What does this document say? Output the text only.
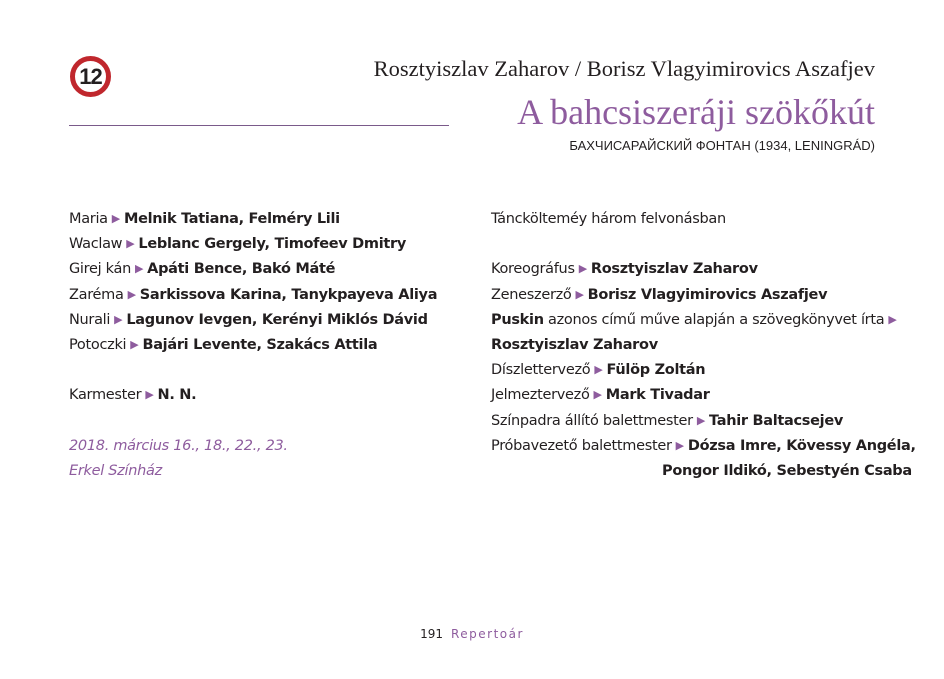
12	Rosztyiszlav Zaharov / Borisz Vlagyimirovics Aszafjev
A bahcsiszeráji szökőkút
БАХЧИСАРАЙСКИЙ ФОНТАН (1934, LENINGRÁD)
Maria ▶ Melnik Tatiana, Felméry Lili
Waclaw ▶ Leblanc Gergely, Timofeev Dmitry
Girej kán ▶ Apáti Bence, Bakó Máté
Zaréma ▶ Sarkissova Karina, Tanykpayeva Aliya
Nurali ▶ Lagunov Ievgen, Kerényi Miklós Dávid
Potoczki ▶ Bajári Levente, Szakács Attila
Karmester ▶ N. N.
2018. március 16., 18., 22., 23.
Erkel Színház
Tánckölteméy három felvonásban
Koreográfus ▶ Rosztyiszlav Zaharov
Zeneszerző ▶ Borisz Vlagyimirovics Aszafjev
Puskin azonos című műve alapján a szövegkönyvet írta ▶
Rosztyiszlav Zaharov
Díszlettervező ▶ Fülöp Zoltán
Jelmeztervező ▶ Mark Tivadar
Színpadra állító balettmester ▶ Tahir Baltacsejev
Próbavezető balettmester ▶ Dózsa Imre, Kövessy Angéla,
Pongor Ildikó, Sebestyén Csaba
191 Repertoár
